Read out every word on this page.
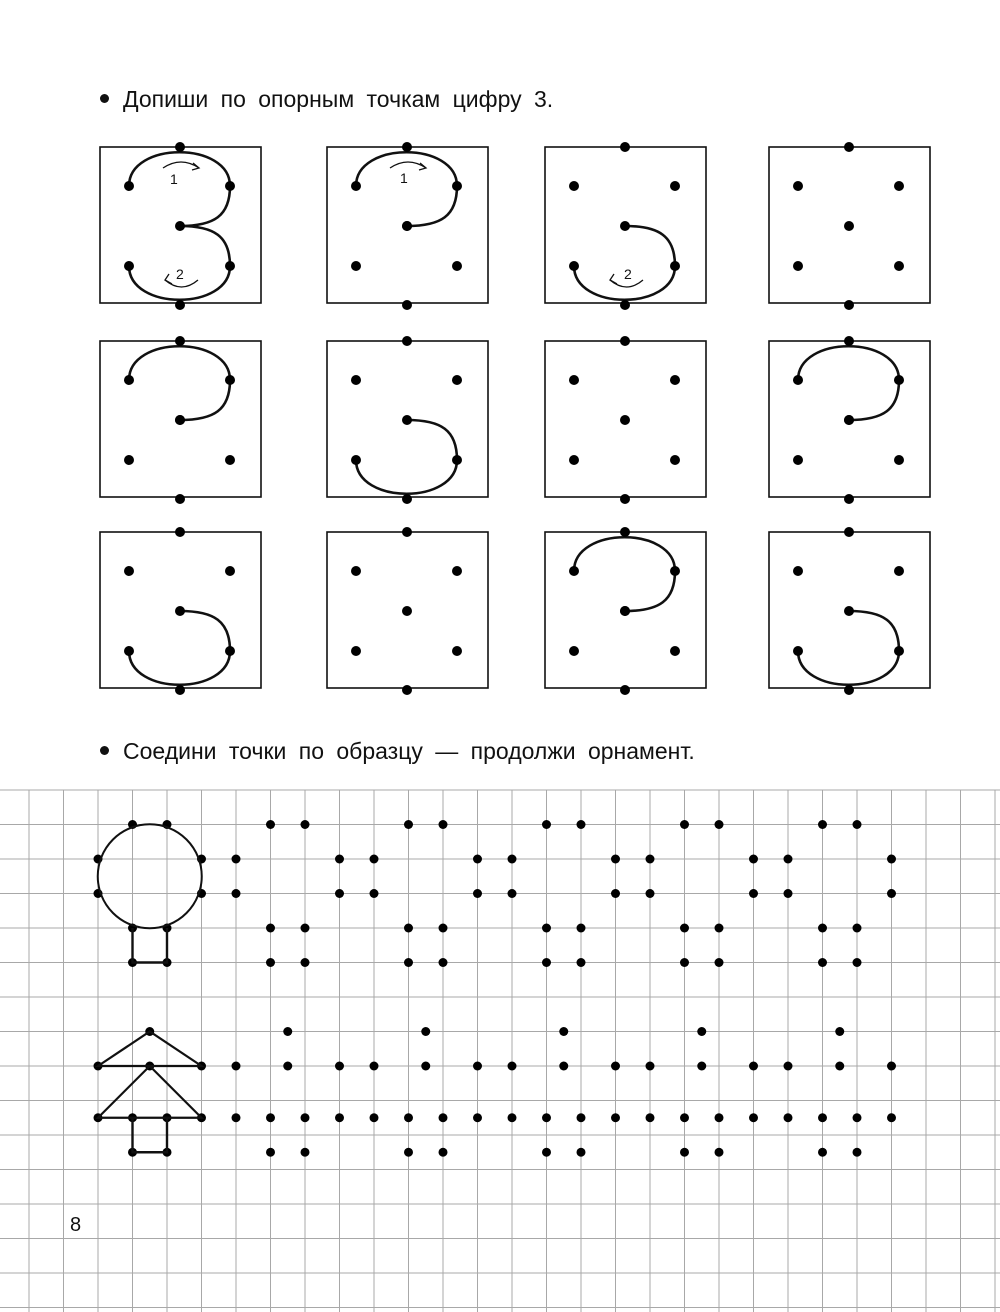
Допиши по опорным точкам цифру 3.
1	1
2	2
Соедини точки по образцу — продолжи орнамент.
8
